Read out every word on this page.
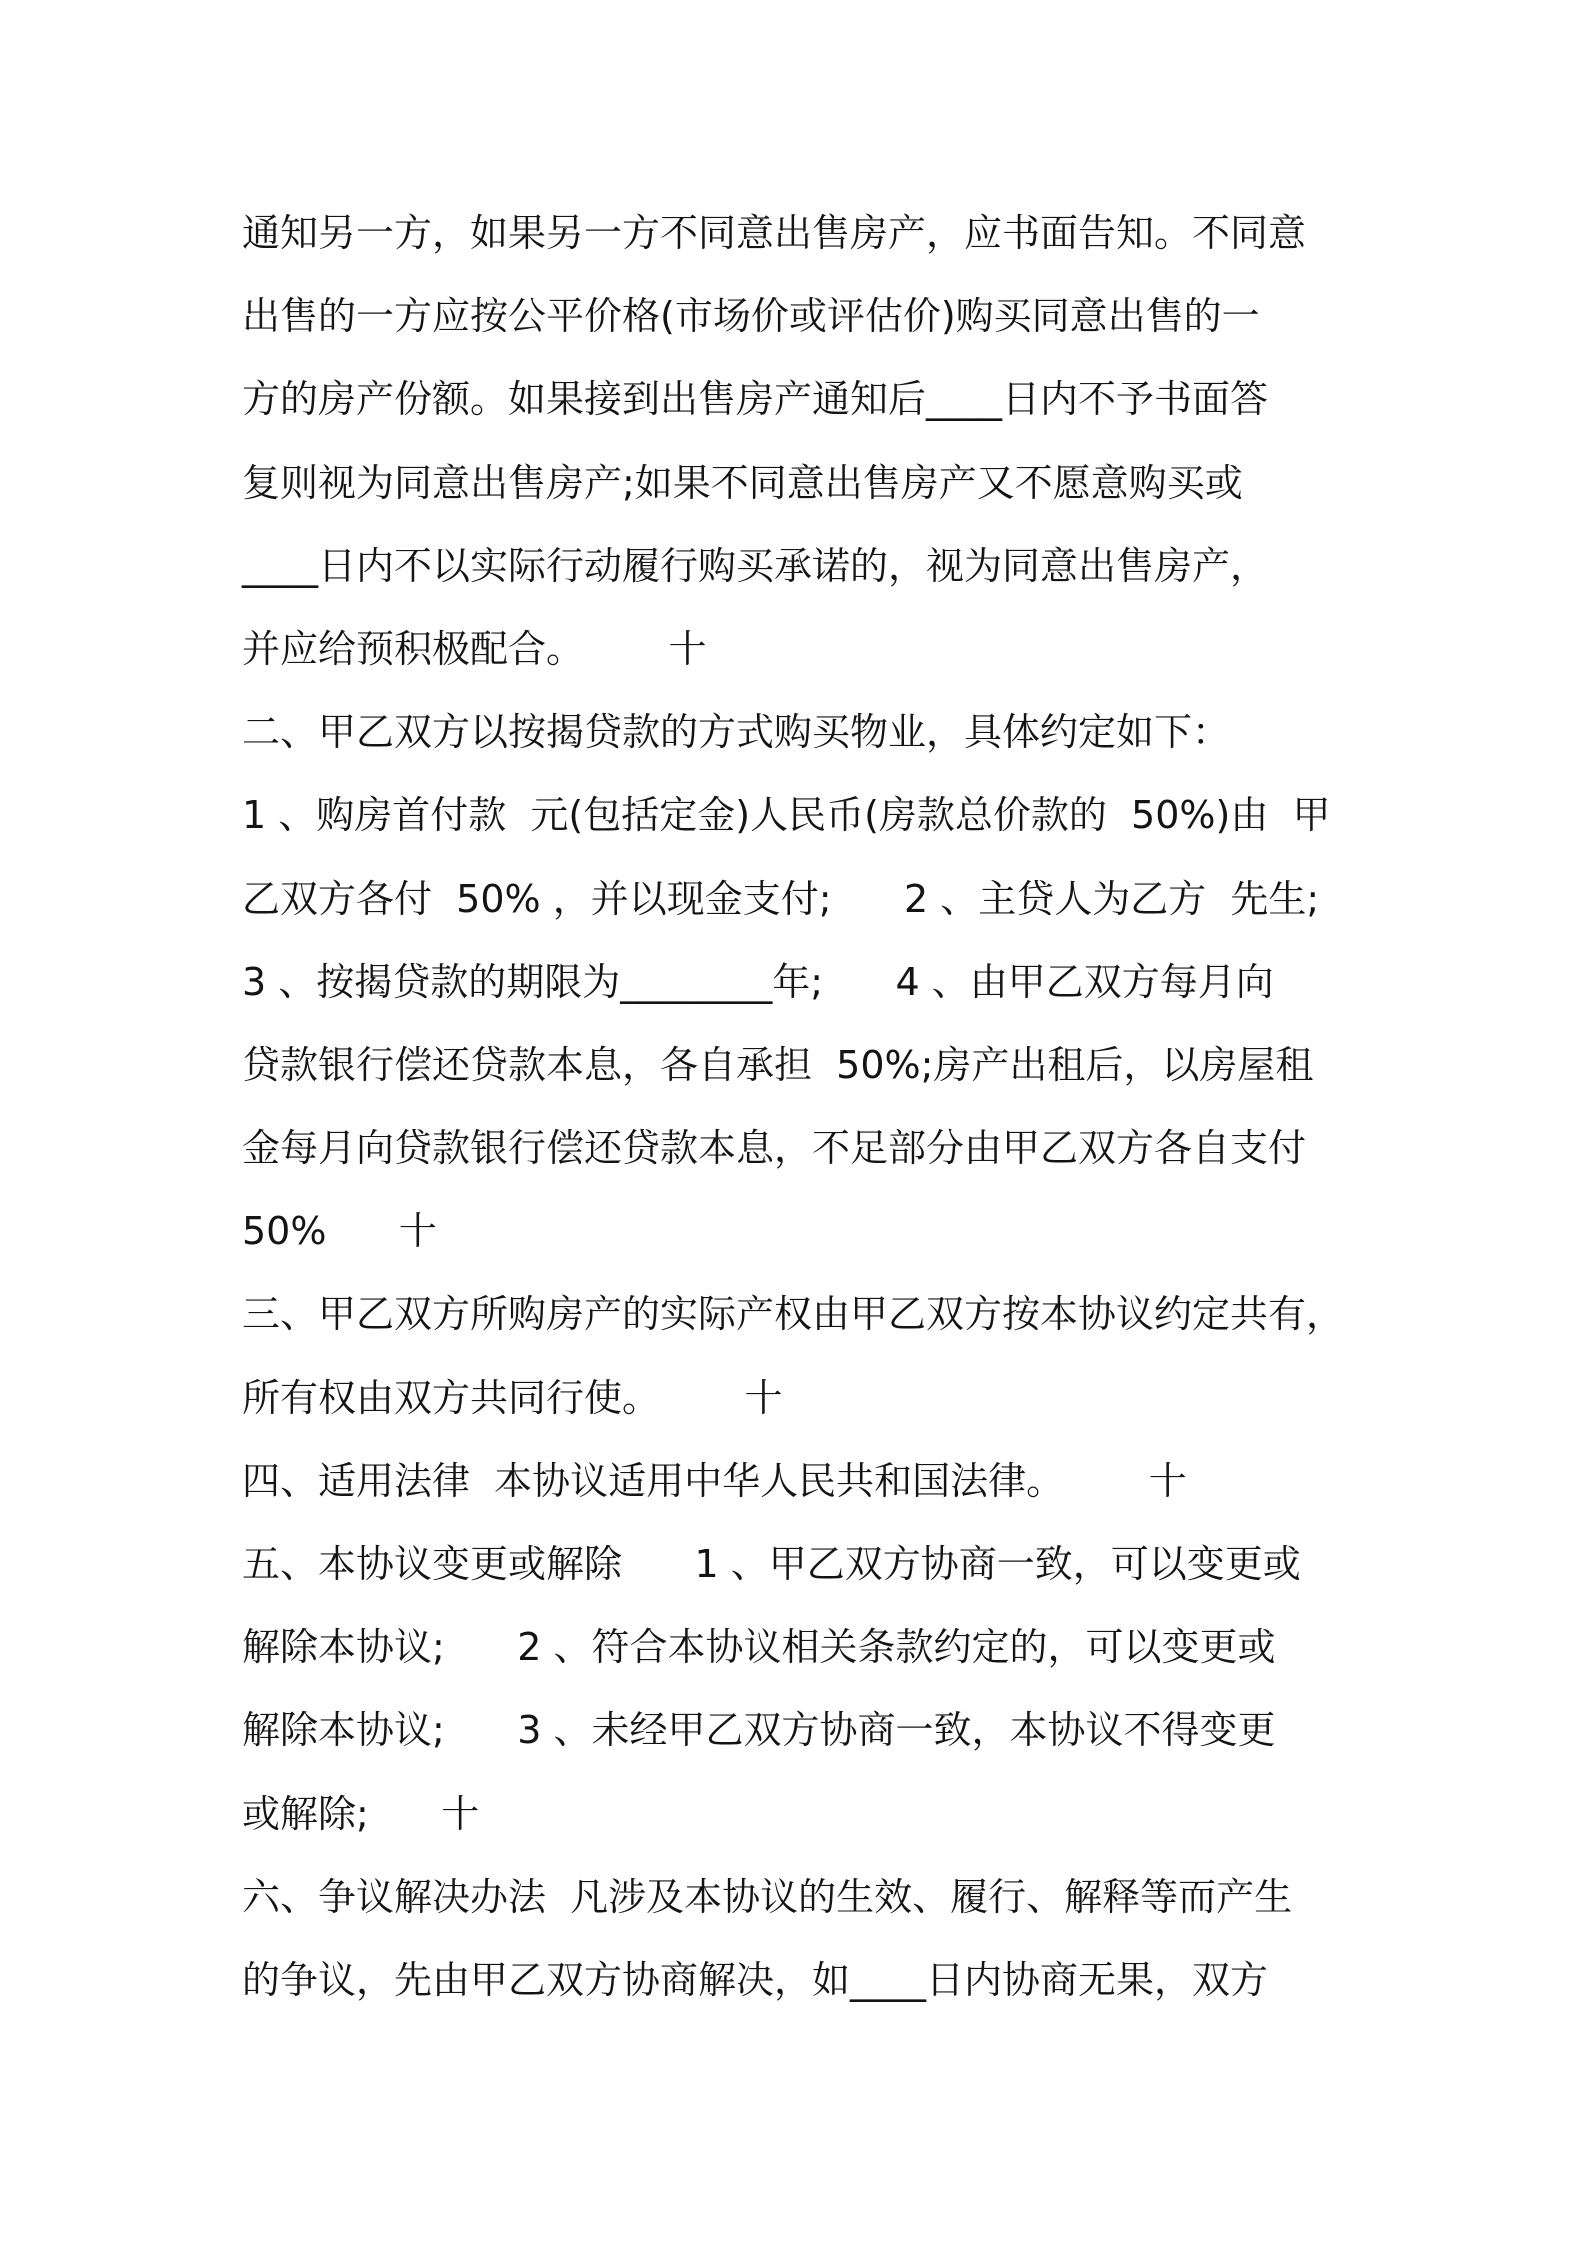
通知另一方，如果另一方不同意出售房产，应书面告知。不同意
出售的一方应按公平价格(市场价或评估价)购买同意出售的一
方的房产份额。如果接到出售房产通知后____日内不予书面答
复则视为同意出售房产;如果不同意出售房产又不愿意购买或
____日内不以实际行动履行购买承诺的，视为同意出售房产，
并应给预积极配合。       十
二、甲乙双方以按揭贷款的方式购买物业，具体约定如下：
1 、购房首付款  元(包括定金)人民币(房款总价款的  50%)由  甲
乙双方各付  50% ，并以现金支付;      2 、主贷人为乙方  先生;
3 、按揭贷款的期限为________年;      4 、由甲乙双方每月向
贷款银行偿还贷款本息，各自承担  50%;房产出租后，以房屋租
金每月向贷款银行偿还贷款本息，不足部分由甲乙双方各自支付
50%      十
三、甲乙双方所购房产的实际产权由甲乙双方按本协议约定共有，
所有权由双方共同行使。       十
四、适用法律  本协议适用中华人民共和国法律。       十
五、本协议变更或解除      1 、甲乙双方协商一致，可以变更或
解除本协议;      2 、符合本协议相关条款约定的，可以变更或
解除本协议;      3 、未经甲乙双方协商一致，本协议不得变更
或解除;      十
六、争议解决办法  凡涉及本协议的生效、履行、解释等而产生
的争议，先由甲乙双方协商解决，如____日内协商无果，双方
